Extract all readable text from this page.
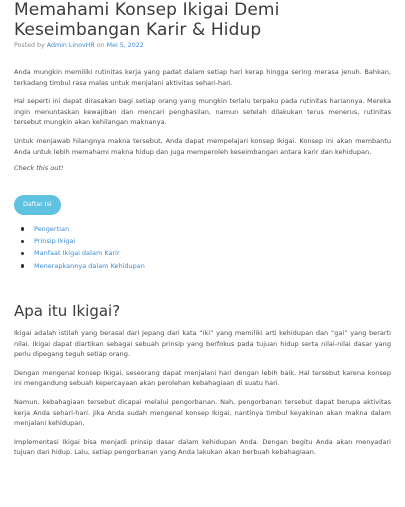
Memahami Konsep Ikigai Demi Keseimbangan Karir & Hidup
Posted by Admin LinovHR on Mei 5, 2022

Anda mungkin memiliki rutinitas kerja yang padat dalam setiap hari kerap hingga sering merasa jenuh. Bahkan, terkadang timbul rasa malas untuk menjalani aktivitas sehari-hari.

Hal seperti ini dapat dirasakan bagi setiap orang yang mungkin terlalu terpaku pada rutinitas hariannya. Mereka ingin menuntaskan kewajiban dan mencari penghasilan, namun setelah dilakukan terus menerus, rutinitas tersebut mungkin akan kehilangan maknanya.

Untuk menjawab hilangnya makna tersebut, Anda dapat mempelajari konsep Ikigai. Konsep ini akan membantu Anda untuk lebih memahami makna hidup dan juga memperoleh keseimbangan antara karir dan kehidupan.

Check this out!

Daftar Isi
Pengertian
Prinsip Ikigai
Manfaat Ikigai dalam Karir
Menerapkannya dalam Kehidupan
Apa itu Ikigai?

Ikigai adalah istilah yang berasal dari Jepang dari kata “iki” yang memiliki arti kehidupan dan “gai” yang berarti nilai. Ikigai dapat diartikan sebagai sebuah prinsip yang berfokus pada tujuan hidup serta nilai-nilai dasar yang perlu dipegang teguh setiap orang.

Dengan mengenal konsep Ikigai, seseorang dapat menjalani hari dengan lebih baik. Hal tersebut karena konsep ini mengandung sebuah kepercayaan akan perolehan kebahagiaan di suatu hari.

Namun, kebahagiaan tersebut dicapai melalui pengorbanan. Nah, pengorbanan tersebut dapat berupa aktivitas kerja Anda sehari-hari. Jika Anda sudah mengenal konsep Ikigai, nantinya timbul keyakinan akan makna dalam menjalani kehidupan.

Implementasi Ikigai bisa menjadi prinsip dasar dalam kehidupan Anda. Dengan begitu Anda akan menyadari tujuan dari hidup. Lalu, setiap pengorbanan yang Anda lakukan akan berbuah kebahagiaan.
